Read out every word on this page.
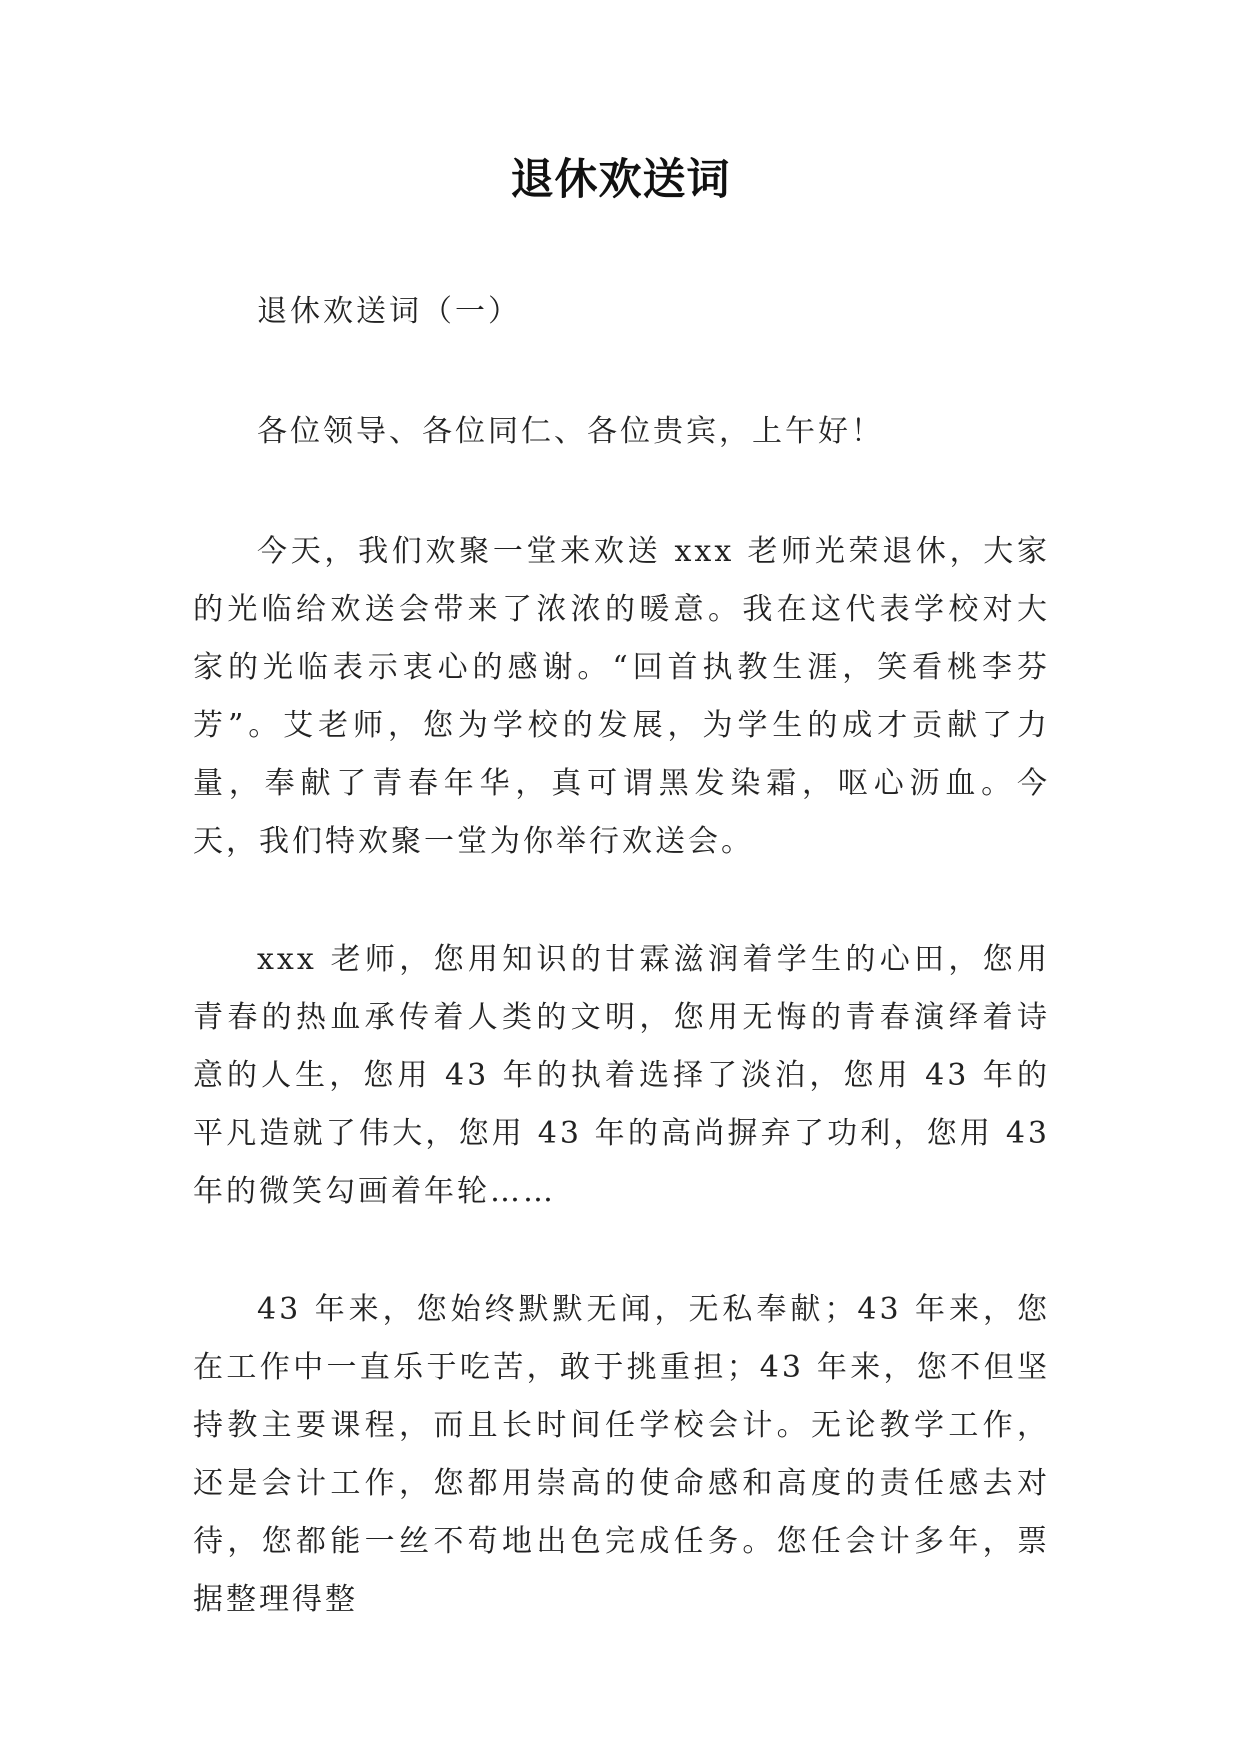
退休欢送词

退休欢送词（一）

各位领导、各位同仁、各位贵宾，上午好！

今天，我们欢聚一堂来欢送 xxx 老师光荣退休，大家的光临给欢送会带来了浓浓的暖意。我在这代表学校对大家的光临表示衷心的感谢。“回首执教生涯，笑看桃李芬芳”。艾老师，您为学校的发展，为学生的成才贡献了力量，奉献了青春年华，真可谓黑发染霜，呕心沥血。今天，我们特欢聚一堂为你举行欢送会。

xxx 老师，您用知识的甘霖滋润着学生的心田，您用青春的热血承传着人类的文明，您用无悔的青春演绎着诗意的人生，您用 43 年的执着选择了淡泊，您用 43 年的平凡造就了伟大，您用 43 年的高尚摒弃了功利，您用 43 年的微笑勾画着年轮……

43 年来，您始终默默无闻，无私奉献；43 年来，您在工作中一直乐于吃苦，敢于挑重担；43 年来，您不但坚持教主要课程，而且长时间任学校会计。无论教学工作，还是会计工作，您都用崇高的使命感和高度的责任感去对待，您都能一丝不苟地出色完成任务。您任会计多年，票据整理得整
